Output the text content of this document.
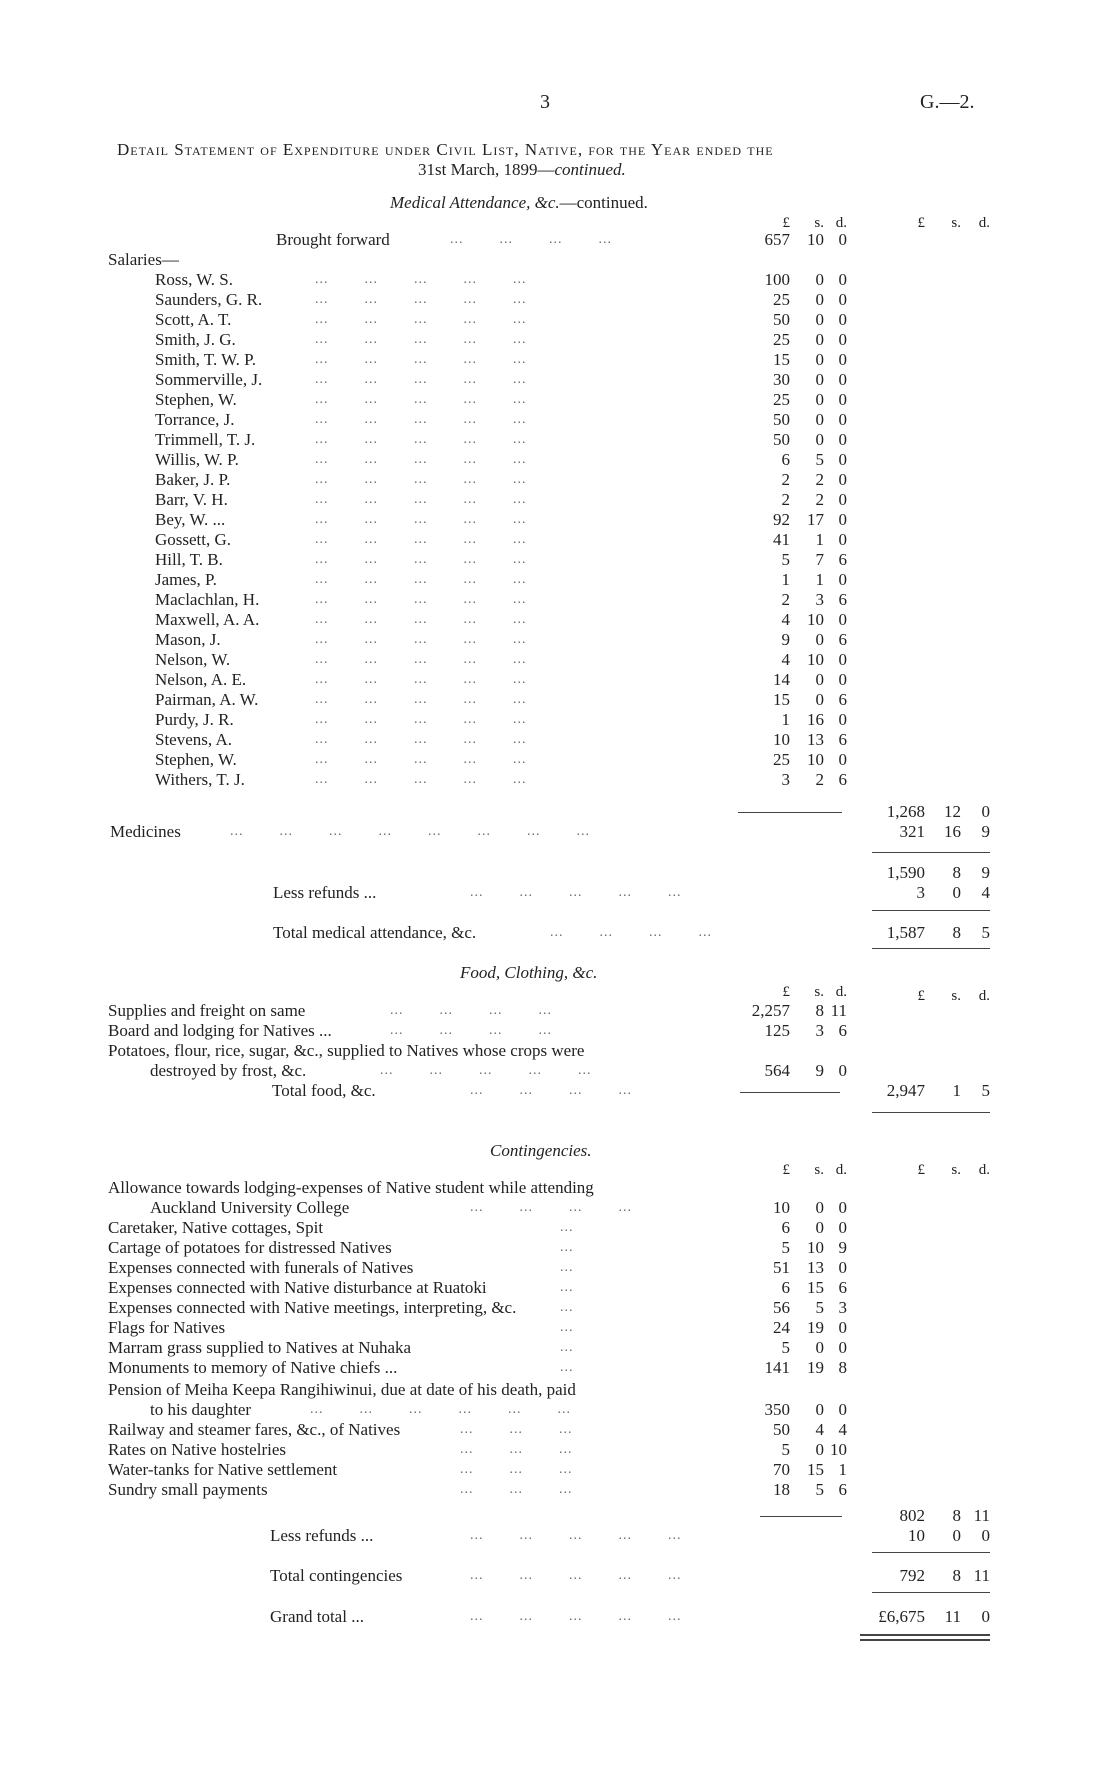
3	G.—2.
Detail Statement of Expenditure under Civil List, Native, for the Year ended the
31st March, 1899—continued.
Medical Attendance, &c.—continued.
£	s. d.	£	s.	d.
Brought forward	...        ...        ...        ...	657	10 0
Salaries—
Ross, W. S.	...        ...        ...        ...        ...	100	0 0
Saunders, G. R.	...        ...        ...        ...        ...	25	0 0
Scott, A. T.	...        ...        ...        ...        ...	50	0 0
Smith, J. G.	...        ...        ...        ...        ...	25	0 0
Smith, T. W. P.	...        ...        ...        ...        ...	15	0 0
Sommerville, J.	...        ...        ...        ...        ...	30	0 0
Stephen, W.	...        ...        ...        ...        ...	25	0 0
Torrance, J.	...        ...        ...        ...        ...	50	0 0
Trimmell, T. J.	...        ...        ...        ...        ...	50	0 0
Willis, W. P.	...        ...        ...        ...        ...	6	5 0
Baker, J. P.	...        ...        ...        ...        ...	2	2 0
Barr, V. H.	...        ...        ...        ...        ...	2	2 0
Bey, W. ...	...        ...        ...        ...        ...	92	17 0
Gossett, G.	...        ...        ...        ...        ...	41	1 0
Hill, T. B.	...        ...        ...        ...        ...	5	7 6
James, P.	...        ...        ...        ...        ...	1	1 0
Maclachlan, H.	...        ...        ...        ...        ...	2	3 6
Maxwell, A. A.	...        ...        ...        ...        ...	4	10 0
Mason, J.	...        ...        ...        ...        ...	9	0 6
Nelson, W.	...        ...        ...        ...        ...	4	10 0
Nelson, A. E.	...        ...        ...        ...        ...	14	0 0
Pairman, A. W.	...        ...        ...        ...        ...	15	0 6
Purdy, J. R.	...        ...        ...        ...        ...	1	16 0
Stevens, A.	...        ...        ...        ...        ...	10	13 6
Stephen, W.	...        ...        ...        ...        ...	25	10 0
Withers, T. J.	...        ...        ...        ...        ...	3	2 6
1,268	12	0
Medicines	...        ...        ...        ...        ...        ...        ...        ...	321	16	9
1,590	8	9
Less refunds ...	...        ...        ...        ...        ...	3	0	4
Total medical attendance, &c.	...        ...        ...        ...	1,587	8	5
Food, Clothing, &c.
£	s. d.	£	s.	d.
Supplies and freight on same	...        ...        ...        ...	2,257	8 11
Board and lodging for Natives ...	...        ...        ...        ...	125	3 6
Potatoes, flour, rice, sugar, &c., supplied to Natives whose crops were
destroyed by frost, &c.	...        ...        ...        ...        ...	564	9 0
Total food, &c.	...        ...        ...        ...	2,947	1	5
Contingencies.
£	s. d.	£	s.	d.
Allowance towards lodging-expenses of Native student while attending
Auckland University College	...        ...        ...        ...	10	0 0
Caretaker, Native cottages, Spit	...	6	0 0
Cartage of potatoes for distressed Natives	...	5	10 9
Expenses connected with funerals of Natives	...	51	13 0
Expenses connected with Native disturbance at Ruatoki	...	6	15 6
Expenses connected with Native meetings, interpreting, &c.	...	56	5 3
Flags for Natives	...	24	19 0
Marram grass supplied to Natives at Nuhaka	...	5	0 0
Monuments to memory of Native chiefs ...	...	141	19 8
Pension of Meiha Keepa Rangihiwinui, due at date of his death, paid
to his daughter	...        ...        ...        ...        ...        ...	350	0 0
Railway and steamer fares, &c., of Natives	...        ...        ...	50	4 4
Rates on Native hostelries	...        ...        ...	5	0 10
Water-tanks for Native settlement	...        ...        ...	70	15 1
Sundry small payments	...        ...        ...	18	5 6
802	8 11
Less refunds ...	...        ...        ...        ...        ...	10	0	0
Total contingencies	...        ...        ...        ...        ...	792	8 11
Grand total ...	...        ...        ...        ...        ...	£6,675	11	0
